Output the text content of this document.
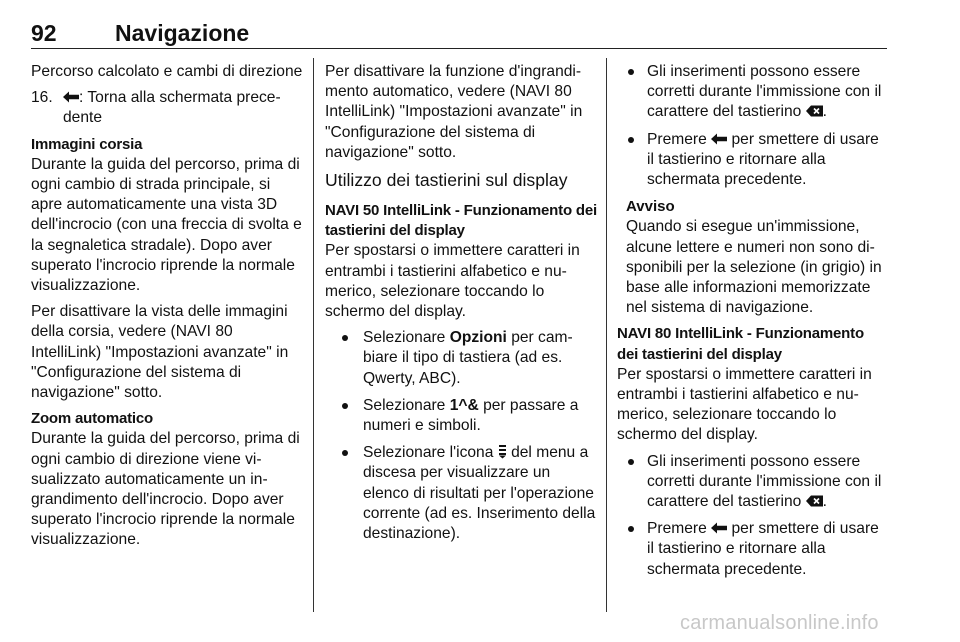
92	Navigazione

Percorso calcolato e cambi di direzione

16. : Torna alla schermata precedente
Immagini corsia

Durante la guida del percorso, prima di ogni cambio di strada principale, si apre automaticamente una vista 3D dell'incrocio (con una freccia di svolta e la segnaletica stradale). Dopo aver superato l'incrocio riprende la normale visualizzazione.

Per disattivare la vista delle immagini della corsia, vedere (NAVI 80 IntelliLink) "Impostazioni avanzate" in "Configurazione del sistema di navigazione" sotto.

Zoom automatico

Durante la guida del percorso, prima di ogni cambio di direzione viene visualizzato automaticamente un ingrandimento dell'incrocio. Dopo aver superato l'incrocio riprende la normale visualizzazione.

Per disattivare la funzione d'ingrandimento automatico, vedere (NAVI 80 IntelliLink) "Impostazioni avanzate" in "Configurazione del sistema di navigazione" sotto.

Utilizzo dei tastierini sul display
NAVI 50 IntelliLink - Funzionamento dei tastierini del display

Per spostarsi o immettere caratteri in entrambi i tastierini alfabetico e numerico, selezionare toccando lo schermo del display.

Selezionare Opzioni per cambiare il tipo di tastiera (ad es. Qwerty, ABC).
Selezionare 1^& per passare a numeri e simboli.
Selezionare l'icona  del menu a discesa per visualizzare un elenco di risultati per l'operazione corrente (ad es. Inserimento della destinazione).
Gli inserimenti possono essere corretti durante l'immissione con il carattere del tastierino .
Premere  per smettere di usare il tastierino e ritornare alla schermata precedente.
Avviso
Quando si esegue un'immissione, alcune lettere e numeri non sono disponibili per la selezione (in grigio) in base alle informazioni memorizzate nel sistema di navigazione.
NAVI 80 IntelliLink - Funzionamento dei tastierini del display

Per spostarsi o immettere caratteri in entrambi i tastierini alfabetico e numerico, selezionare toccando lo schermo del display.

Gli inserimenti possono essere corretti durante l'immissione con il carattere del tastierino .
Premere  per smettere di usare il tastierino e ritornare alla schermata precedente.
carmanualsonline.info
